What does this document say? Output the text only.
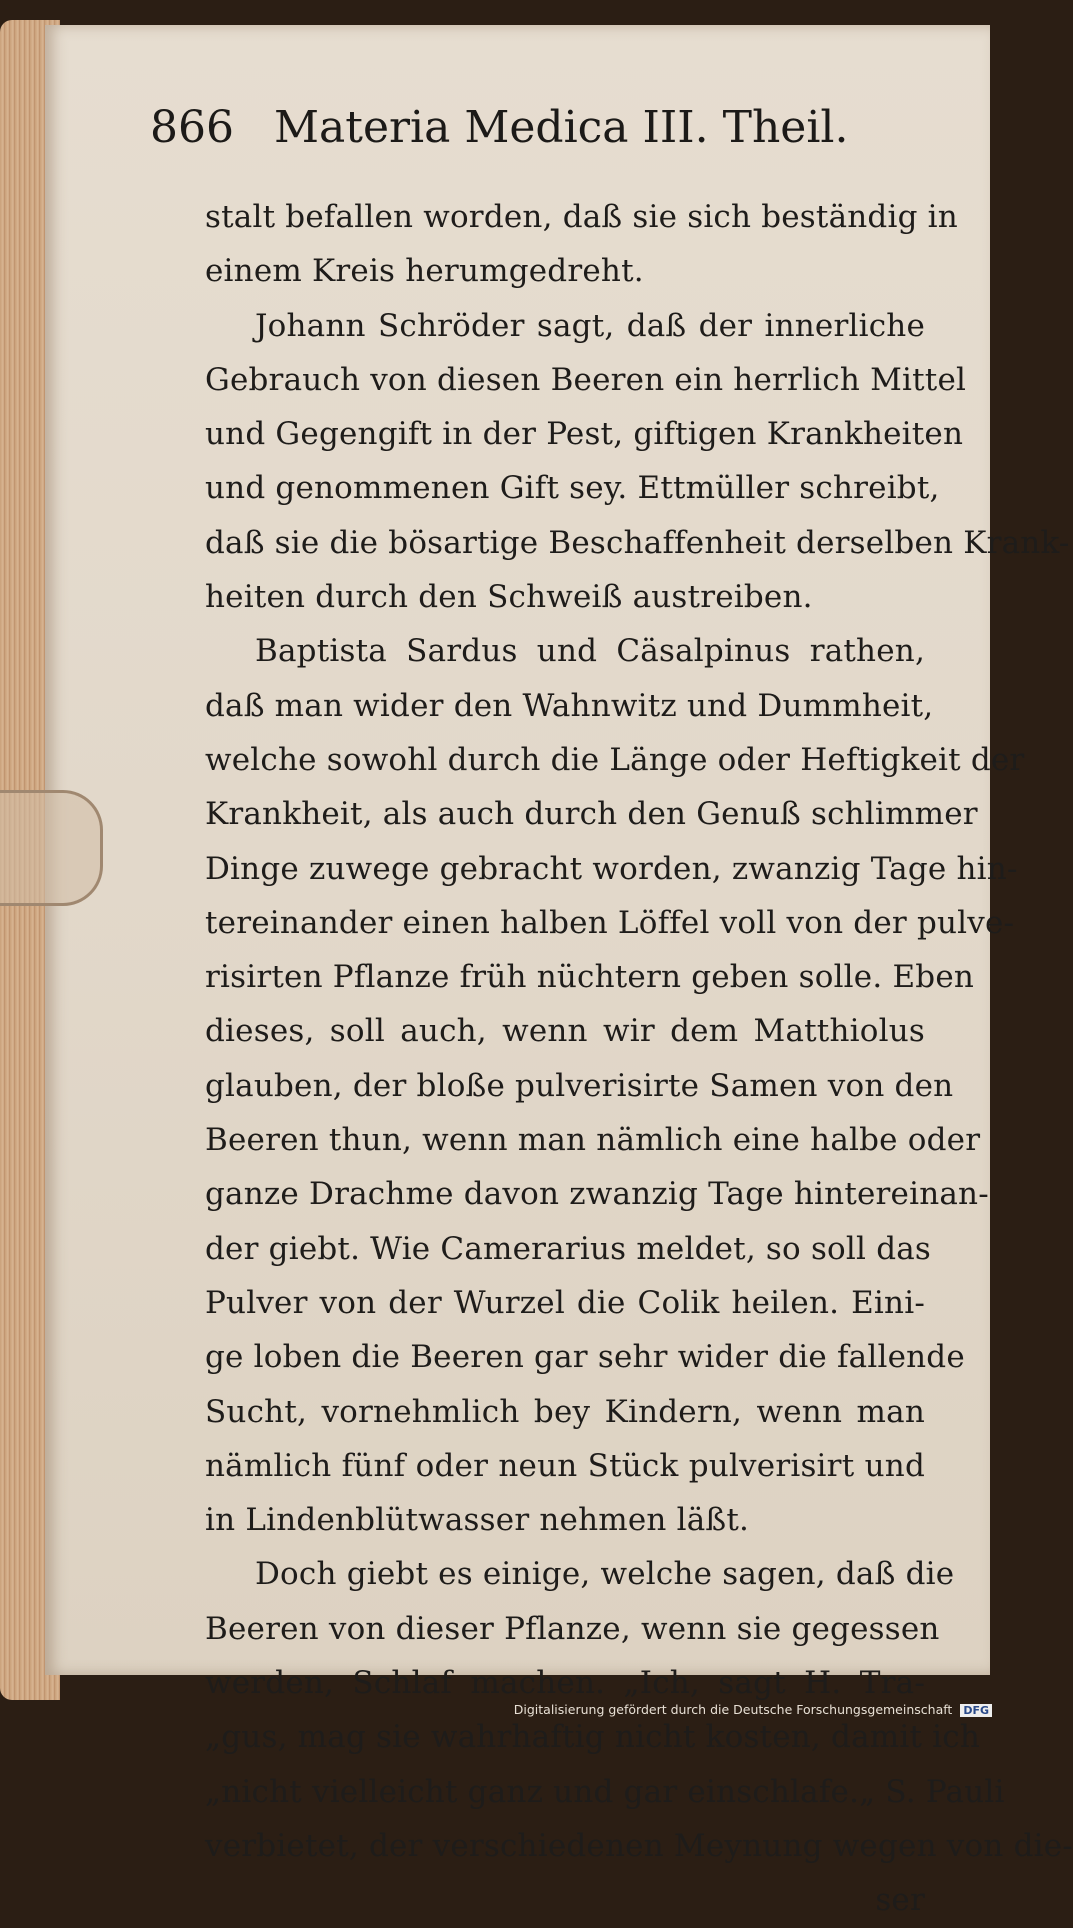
866 Materia Medica III. Theil.
stalt befallen worden, daß sie sich beständig in
einem Kreis herumgedreht.
Johann Schröder sagt, daß der innerliche
Gebrauch von diesen Beeren ein herrlich Mittel
und Gegengift in der Pest, giftigen Krankheiten
und genommenen Gift sey. Ettmüller schreibt,
daß sie die bösartige Beschaffenheit derselben Krank-
heiten durch den Schweiß austreiben.
Baptista Sardus und Cäsalpinus rathen,
daß man wider den Wahnwitz und Dummheit,
welche sowohl durch die Länge oder Heftigkeit der
Krankheit, als auch durch den Genuß schlimmer
Dinge zuwege gebracht worden, zwanzig Tage hin-
tereinander einen halben Löffel voll von der pulve-
risirten Pflanze früh nüchtern geben solle. Eben
dieses, soll auch, wenn wir dem Matthiolus
glauben, der bloße pulverisirte Samen von den
Beeren thun, wenn man nämlich eine halbe oder
ganze Drachme davon zwanzig Tage hintereinan-
der giebt. Wie Camerarius meldet, so soll das
Pulver von der Wurzel die Colik heilen. Eini-
ge loben die Beeren gar sehr wider die fallende
Sucht, vornehmlich bey Kindern, wenn man
nämlich fünf oder neun Stück pulverisirt und
in Lindenblütwasser nehmen läßt.
Doch giebt es einige, welche sagen, daß die
Beeren von dieser Pflanze, wenn sie gegessen
werden, Schlaf machen. „Ich, sagt H. Tra-
„gus, mag sie wahrhaftig nicht kosten, damit ich
„nicht vielleicht ganz und gar einschlafe.„ S. Pauli
verbietet, der verschiedenen Meynung wegen von die-
ser
Digitalisierung gefördert durch die Deutsche Forschungsgemeinschaft DFG
